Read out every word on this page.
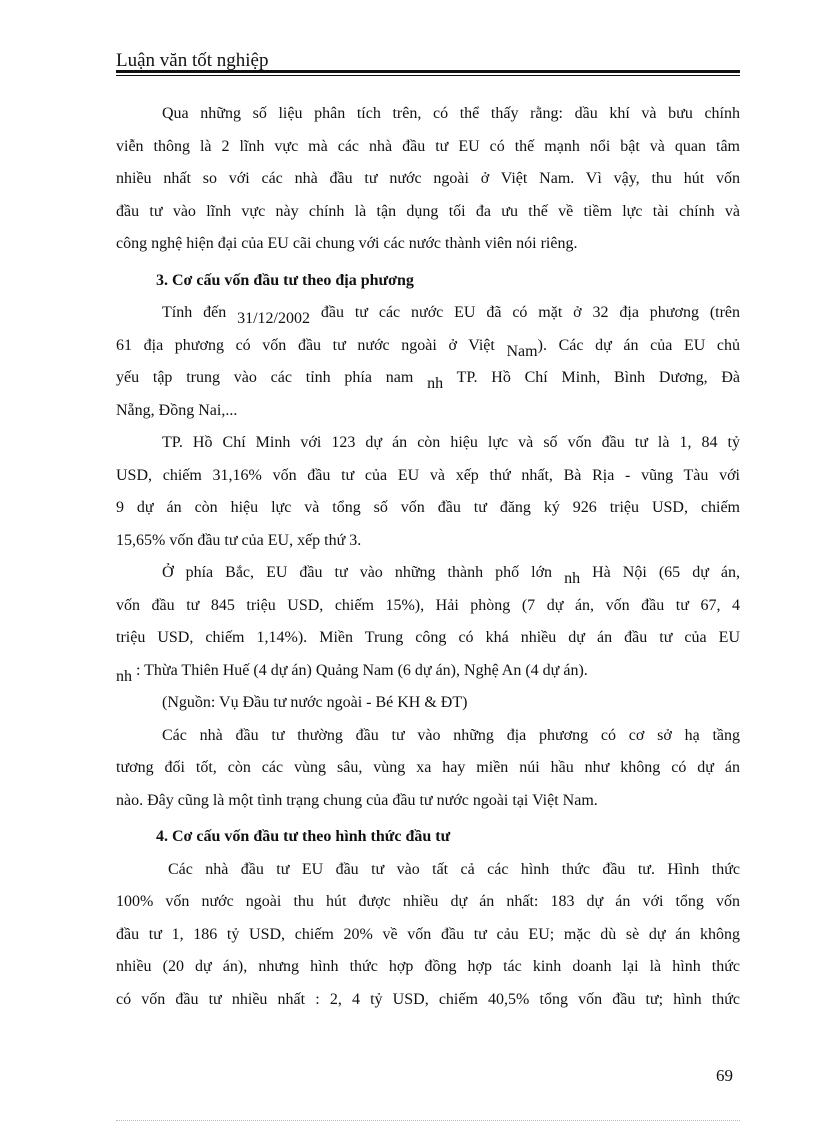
Luận văn tốt nghiệp

Qua những số liệu phân tích trên, có thể thấy rằng: dầu khí và bưu chính
viễn thông là 2 lĩnh vực mà các nhà đầu tư EU có thế mạnh nổi bật và quan tâm
nhiều nhất so với các nhà đầu tư nước ngoài ở Việt Nam. Vì vậy, thu hút vốn
đầu tư vào lĩnh vực này chính là tận dụng tối đa ưu thế về tiềm lực tài chính và
công nghệ hiện đại của EU cãi chung với các nước thành viên nói riêng.

3. Cơ cấu vốn đầu tư theo địa phương

Tính đến 31/12/2002 đầu tư các nước EU đã có mặt ở 32 địa phương (trên
61 địa phương có vốn đầu tư nước ngoài ở Việt Nam). Các dự án của EU chủ
yếu tập trung vào các tỉnh phía nam nh TP. Hồ Chí Minh, Bình Dương, Đà
Nẵng, Đồng Nai,...

TP. Hồ Chí Minh với 123 dự án còn hiệu lực và số vốn đầu tư là 1, 84 tỷ
USD, chiếm 31,16% vốn đầu tư của EU và xếp thứ nhất, Bà Rịa - vũng Tàu với
9 dự án còn hiệu lực và tổng số vốn đầu tư đăng ký 926 triệu USD, chiếm
15,65% vốn đầu tư của EU, xếp thứ 3.

Ở phía Bắc, EU đầu tư vào những thành phố lớn nh Hà Nội (65 dự án,
vốn đầu tư 845 triệu USD, chiếm 15%), Hải phòng (7 dự án, vốn đầu tư 67, 4
triệu USD, chiếm 1,14%). Miền Trung công có khá nhiều dự án đầu tư của EU
nh : Thừa Thiên Huế (4 dự án) Quảng Nam (6 dự án), Nghệ An (4 dự án).

(Nguồn: Vụ Đầu tư nước ngoài - Bé KH & ĐT)

Các nhà đầu tư thường đầu tư vào những địa phương có cơ sở hạ tầng
tương đối tốt, còn các vùng sâu, vùng xa hay miền núi hầu như không có dự án
nào. Đây cũng là một tình trạng chung của đầu tư nước ngoài tại Việt Nam.

4. Cơ cấu vốn đầu tư theo hình thức đầu tư

Các nhà đầu tư EU đầu tư vào tất cả các hình thức đầu tư. Hình thức
100% vốn nước ngoài thu hút được nhiều dự án nhất: 183 dự án với tổng vốn
đầu tư 1, 186 tỷ USD, chiếm 20% về vốn đầu tư cảu EU; mặc dù sè dự án không
nhiều (20 dự án), nhưng hình thức hợp đồng hợp tác kinh doanh lại là hình thức
có vốn đầu tư nhiều nhất : 2, 4 tỷ USD, chiếm 40,5% tổng vốn đầu tư; hình thức

69
